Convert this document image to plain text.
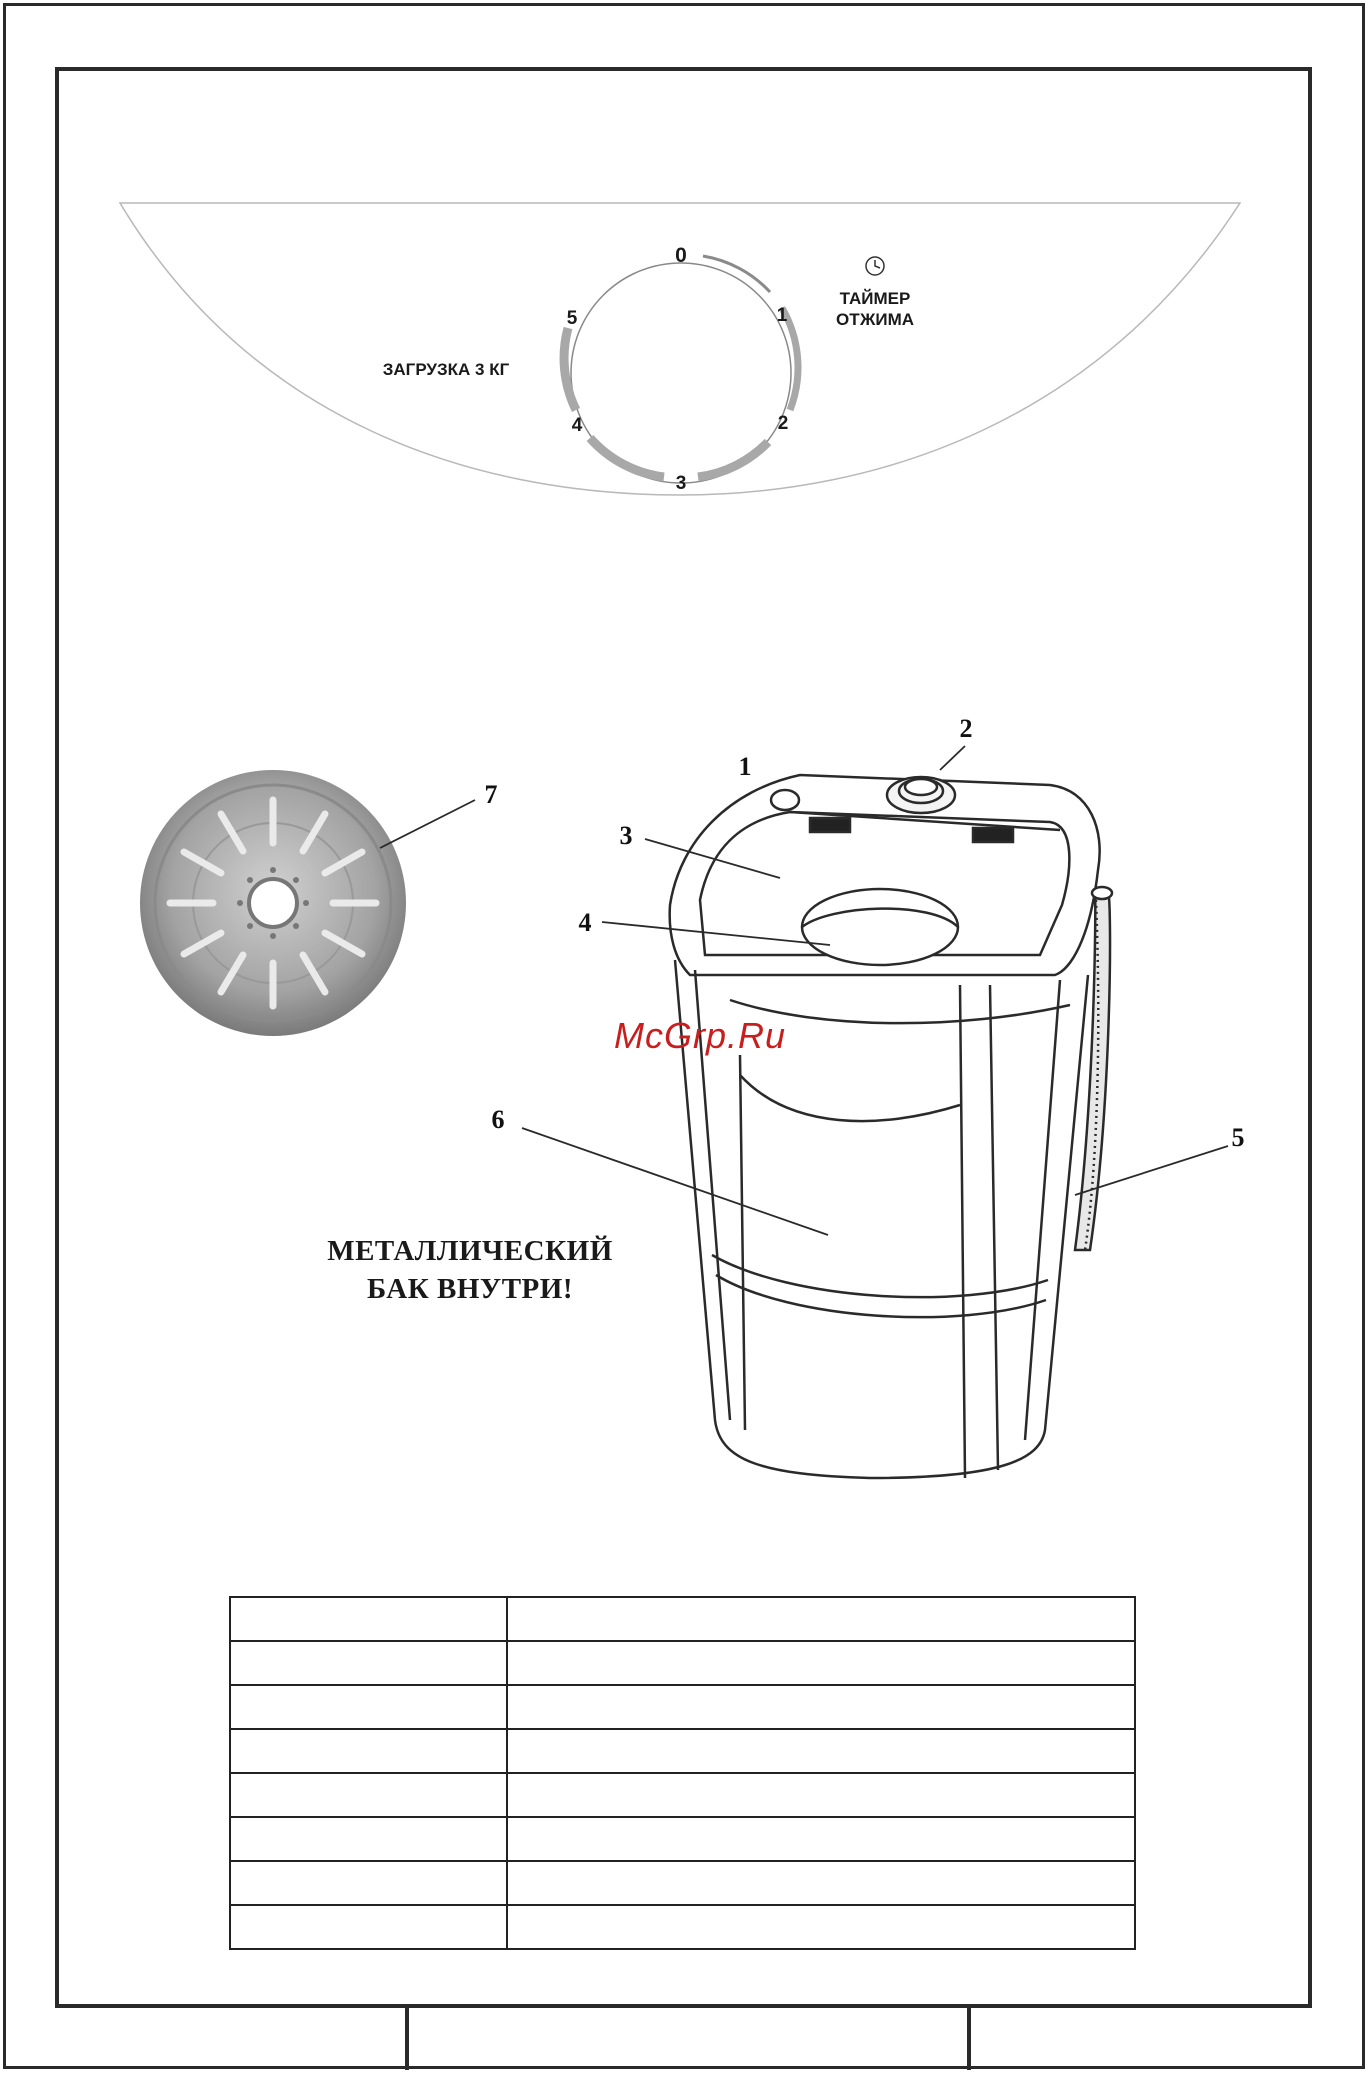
0
1
2
3
4
5
ЗАГРУЗКА 3 КГ
ТАЙМЕР
ОТЖИМА
1
2
3
4
5
6
7
McGrp.Ru
МЕТАЛЛИЧЕСКИЙ
БАК ВНУТРИ!
